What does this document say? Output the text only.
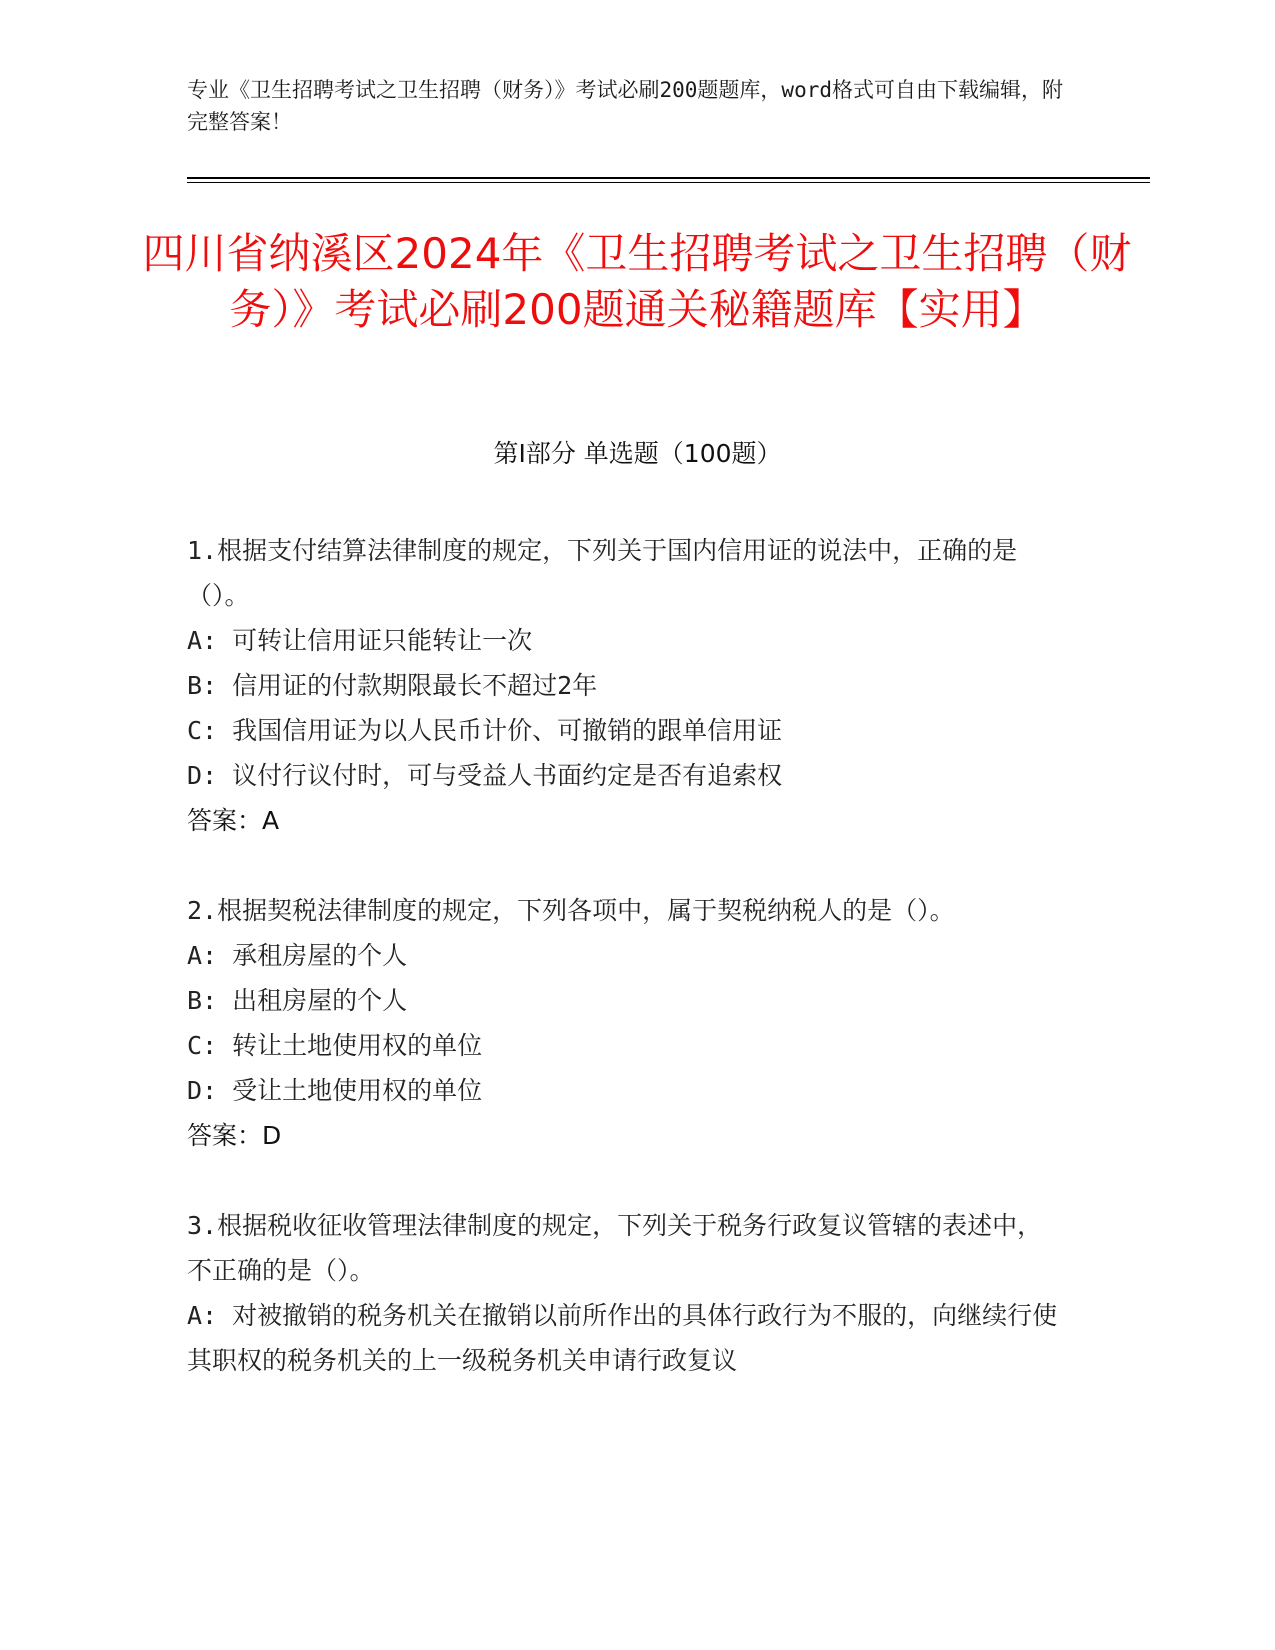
专业《卫生招聘考试之卫生招聘（财务）》考试必刷200题题库，word格式可自由下载编辑，附完整答案！
四川省纳溪区2024年《卫生招聘考试之卫生招聘（财务）》考试必刷200题通关秘籍题库【实用】
第I部分 单选题（100题）

1.根据支付结算法律制度的规定，下列关于国内信用证的说法中，正确的是（）。

A: 可转让信用证只能转让一次

B: 信用证的付款期限最长不超过2年

C: 我国信用证为以人民币计价、可撤销的跟单信用证

D: 议付行议付时，可与受益人书面约定是否有追索权

答案：A

2.根据契税法律制度的规定，下列各项中，属于契税纳税人的是（）。

A: 承租房屋的个人

B: 出租房屋的个人

C: 转让土地使用权的单位

D: 受让土地使用权的单位

答案：D

3.根据税收征收管理法律制度的规定，下列关于税务行政复议管辖的表述中，不正确的是（）。

A: 对被撤销的税务机关在撤销以前所作出的具体行政行为不服的，向继续行使其职权的税务机关的上一级税务机关申请行政复议
